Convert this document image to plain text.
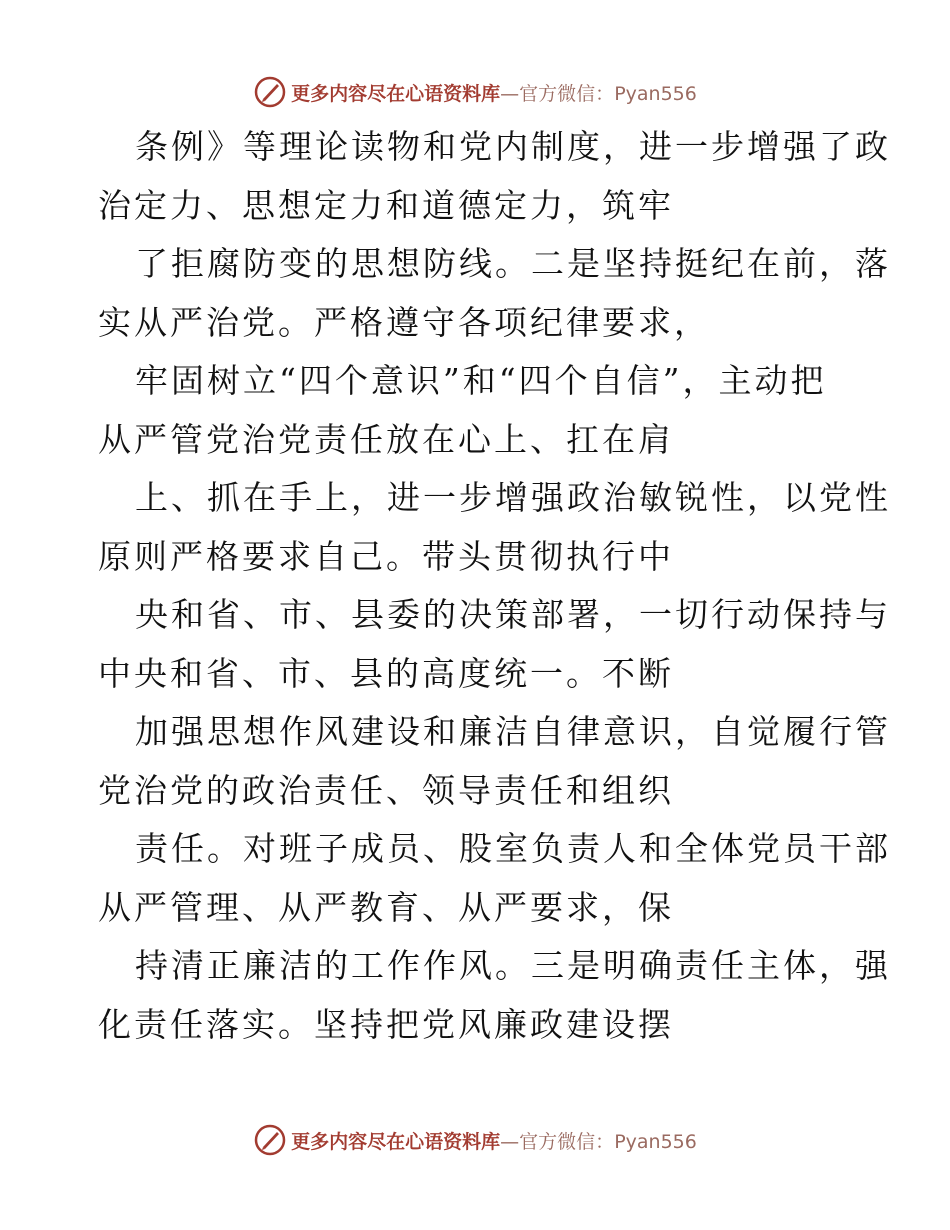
更多内容尽在心语资料库—官方微信：Pyan556
条例》等理论读物和党内制度，进一步增强了政
治定力、思想定力和道德定力，筑牢
了拒腐防变的思想防线。二是坚持挺纪在前，落
实从严治党。严格遵守各项纪律要求，
牢固树立“四个意识”和“四个自信”，主动把
从严管党治党责任放在心上、扛在肩
上、抓在手上，进一步增强政治敏锐性，以党性
原则严格要求自己。带头贯彻执行中
央和省、市、县委的决策部署，一切行动保持与
中央和省、市、县的高度统一。不断
加强思想作风建设和廉洁自律意识，自觉履行管
党治党的政治责任、领导责任和组织
责任。对班子成员、股室负责人和全体党员干部
从严管理、从严教育、从严要求，保
持清正廉洁的工作作风。三是明确责任主体，强
化责任落实。坚持把党风廉政建设摆
更多内容尽在心语资料库—官方微信：Pyan556
